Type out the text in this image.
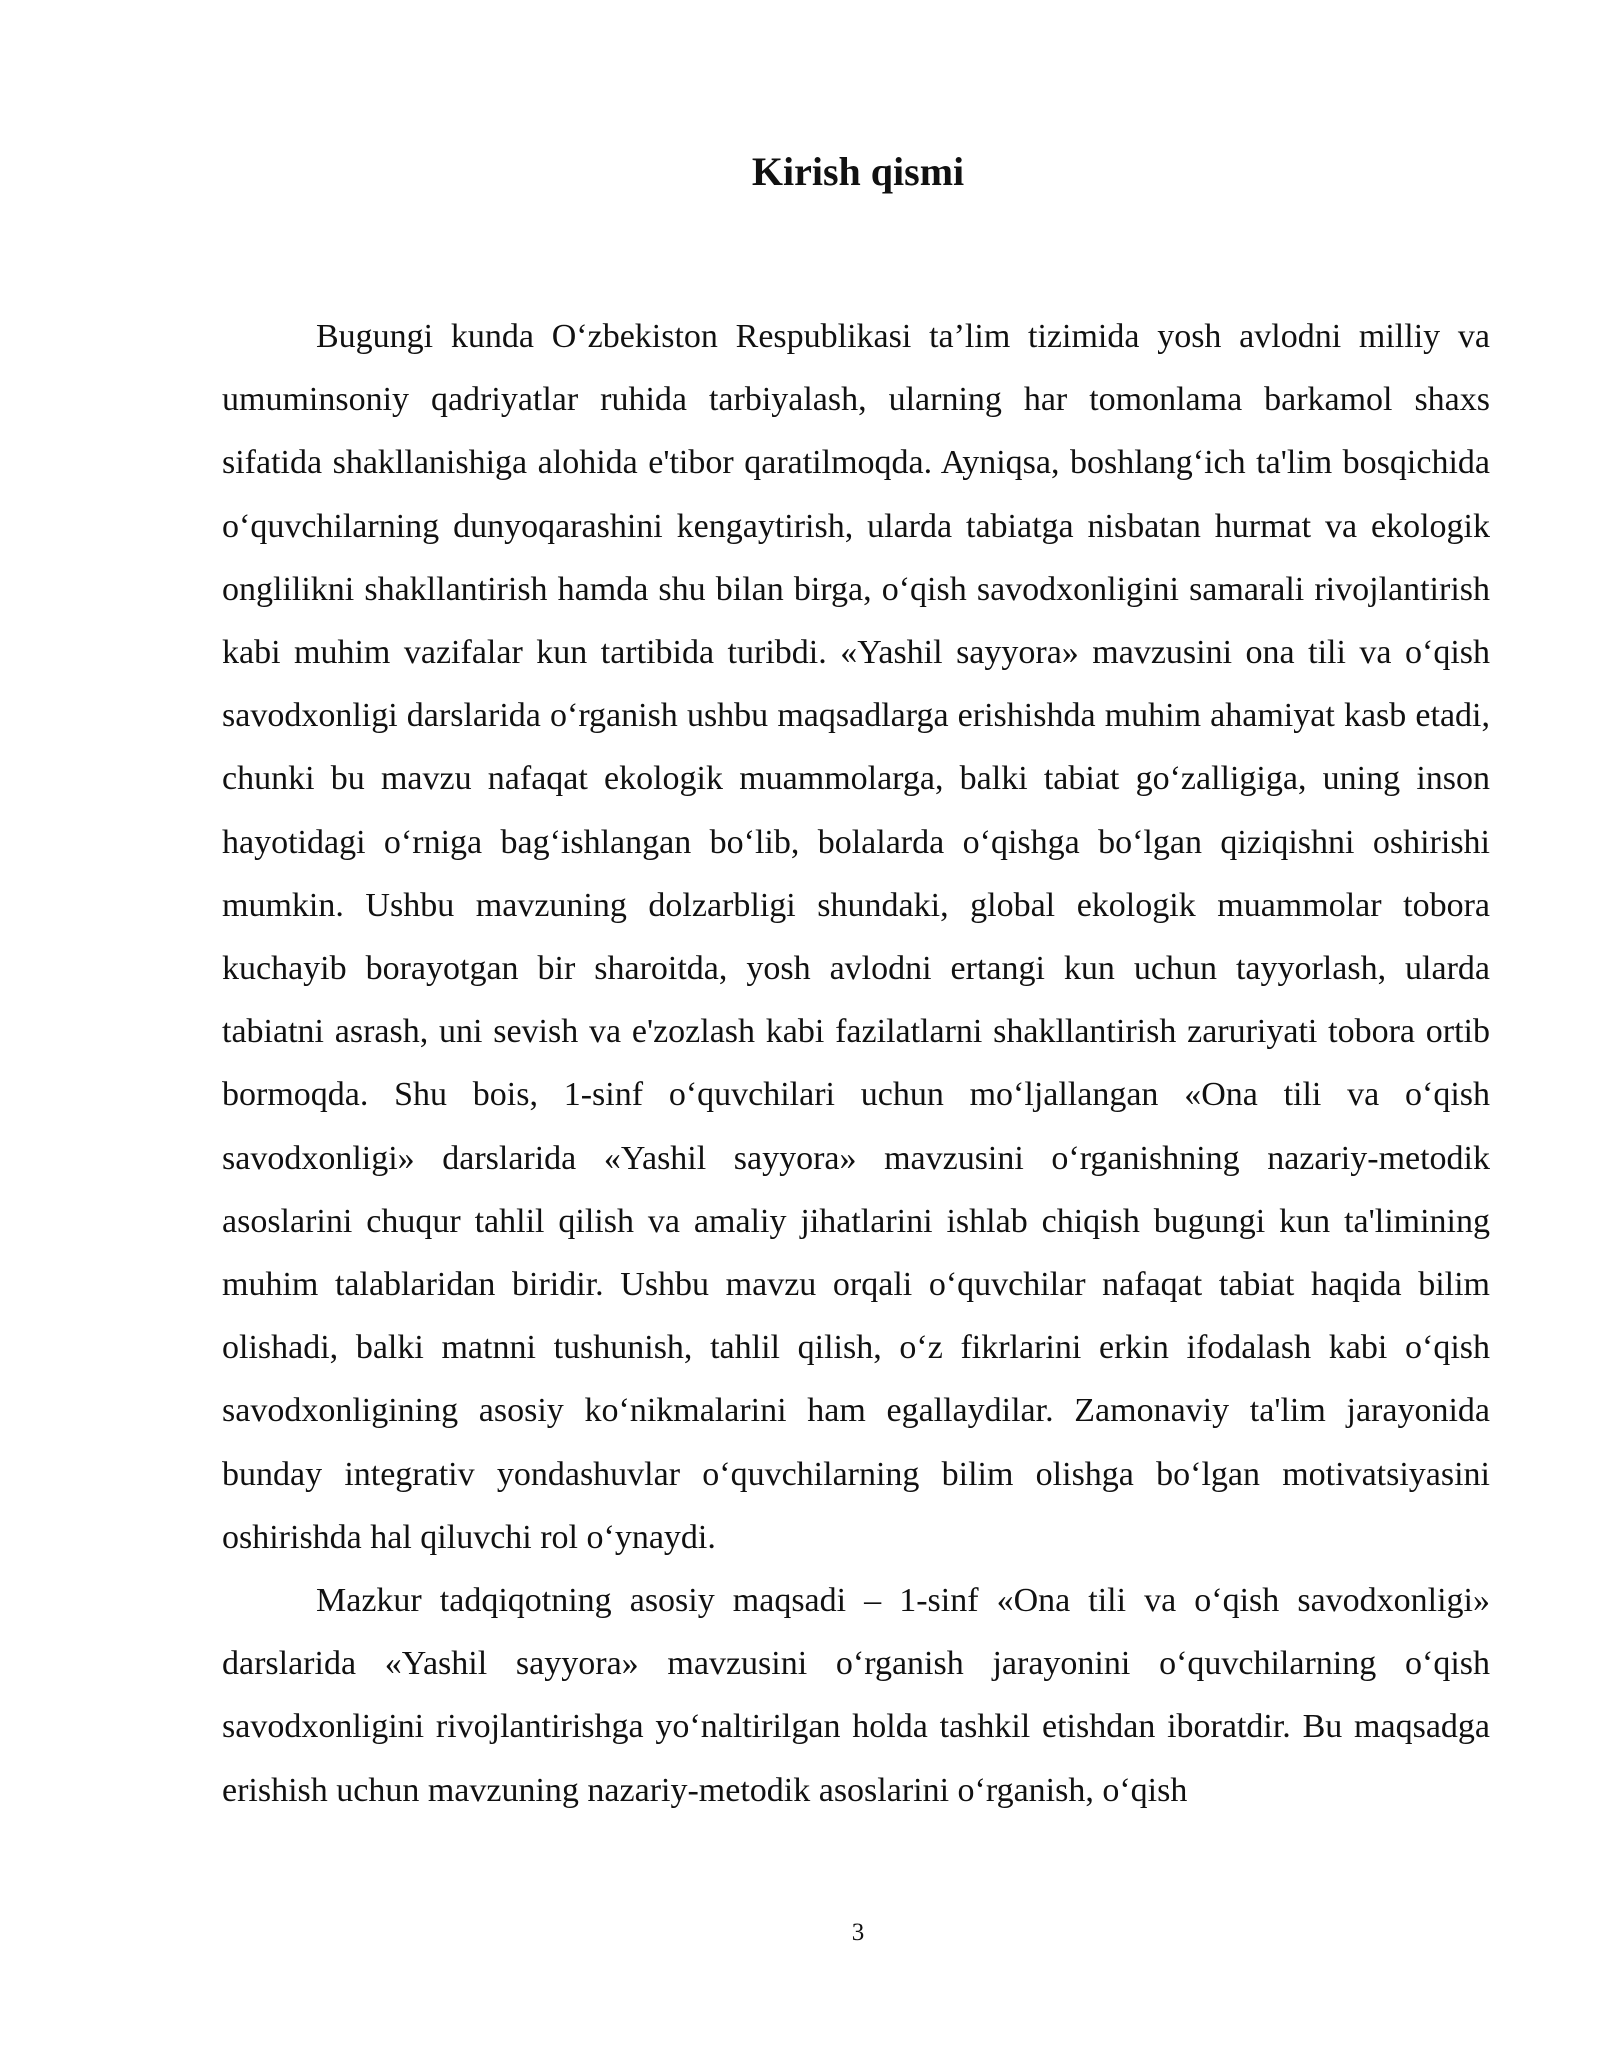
Kirish qismi

Bugungi kunda O‘zbekiston Respublikasi ta’lim tizimida yosh avlodni milliy va umuminsoniy qadriyatlar ruhida tarbiyalash, ularning har tomonlama barkamol shaxs sifatida shakllanishiga alohida e'tibor qaratilmoqda. Ayniqsa, boshlang‘ich ta'lim bosqichida o‘quvchilarning dunyoqarashini kengaytirish, ularda tabiatga nisbatan hurmat va ekologik onglilikni shakllantirish hamda shu bilan birga, o‘qish savodxonligini samarali rivojlantirish kabi muhim vazifalar kun tartibida turibdi. «Yashil sayyora» mavzusini ona tili va o‘qish savodxonligi darslarida o‘rganish ushbu maqsadlarga erishishda muhim ahamiyat kasb etadi, chunki bu mavzu nafaqat ekologik muammolarga, balki tabiat go‘zalligiga, uning inson hayotidagi o‘rniga bag‘ishlangan bo‘lib, bolalarda o‘qishga bo‘lgan qiziqishni oshirishi mumkin. Ushbu mavzuning dolzarbligi shundaki, global ekologik muammolar tobora kuchayib borayotgan bir sharoitda, yosh avlodni ertangi kun uchun tayyorlash, ularda tabiatni asrash, uni sevish va e'zozlash kabi fazilatlarni shakllantirish zaruriyati tobora ortib bormoqda. Shu bois, 1-sinf o‘quvchilari uchun mo‘ljallangan «Ona tili va o‘qish savodxonligi» darslarida «Yashil sayyora» mavzusini o‘rganishning nazariy-metodik asoslarini chuqur tahlil qilish va amaliy jihatlarini ishlab chiqish bugungi kun ta'limining muhim talablaridan biridir. Ushbu mavzu orqali o‘quvchilar nafaqat tabiat haqida bilim olishadi, balki matnni tushunish, tahlil qilish, o‘z fikrlarini erkin ifodalash kabi o‘qish savodxonligining asosiy ko‘nikmalarini ham egallaydilar. Zamonaviy ta'lim jarayonida bunday integrativ yondashuvlar o‘quvchilarning bilim olishga bo‘lgan motivatsiyasini oshirishda hal qiluvchi rol o‘ynaydi.

Mazkur tadqiqotning asosiy maqsadi – 1-sinf «Ona tili va o‘qish savodxonligi» darslarida «Yashil sayyora» mavzusini o‘rganish jarayonini o‘quvchilarning o‘qish savodxonligini rivojlantirishga yo‘naltirilgan holda tashkil etishdan iboratdir. Bu maqsadga erishish uchun mavzuning nazariy-metodik asoslarini o‘rganish, o‘qish

3
